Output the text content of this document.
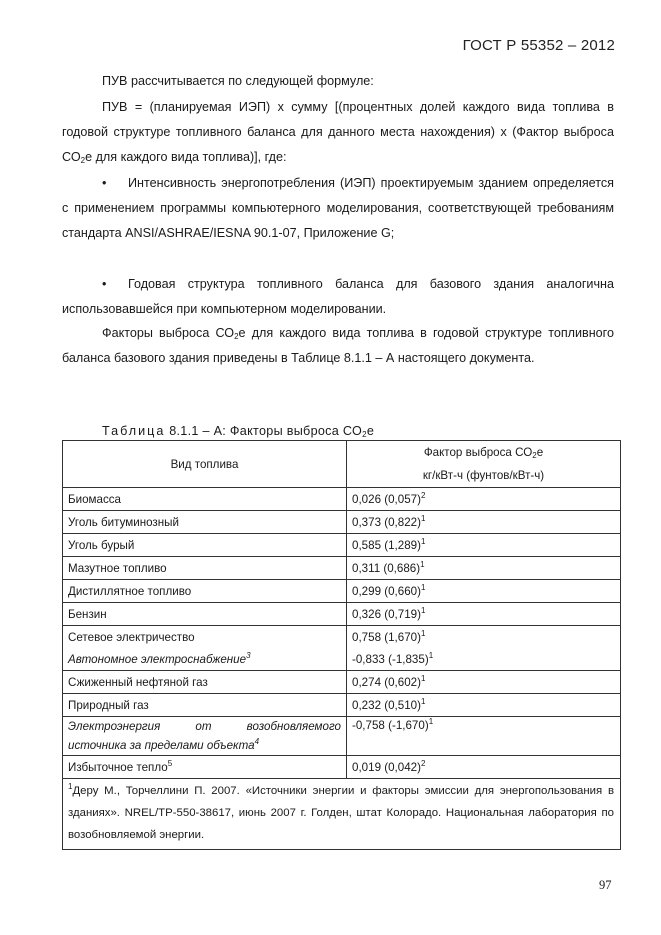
ГОСТ Р 55352 – 2012
ПУВ рассчитывается по следующей формуле:
ПУВ = (планируемая ИЭП) х сумму [(процентных долей каждого вида топлива в годовой структуре топливного баланса для данного места нахождения) х (Фактор выброса $СО_2е$ для каждого вида топлива)], где:
• Интенсивность энергопотребления (ИЭП) проектируемым зданием определяется с применением программы компьютерного моделирования, соответствующей требованиям стандарта ANSI/ASHRAE/IESNA 90.1-07, Приложение G;
• Годовая структура топливного баланса для базового здания аналогична использовавшейся при компьютерном моделировании.
Факторы выброса $СО_2е$ для каждого вида топлива в годовой структуре топливного баланса базового здания приведены в Таблице 8.1.1 – А настоящего документа.
Таблица 8.1.1 – А: Факторы выброса $СО_2е$
Вид топлива	Фактор выброса $СО_2е$
кг/кВт-ч (фунтов/кВт-ч)
Биомасса	0,026 $(0,057)^2$
Уголь битуминозный	0,373 $(0,822)^1$
Уголь бурый	0,585 $(1,289)^1$
Мазутное топливо	0,311 $(0,686)^1$
Дистиллятное топливо	0,299 $(0,660)^1$
Бензин	0,326 $(0,719)^1$
Сетевое электричество	0,758 $(1,670)^1$
Автономное электроснабжение$^3$	-0,833 $(-1,835)^1$
Сжиженный нефтяной газ	0,274 $(0,602)^1$
Природный газ	0,232 $(0,510)^1$

Электроэнергия от возобновляемого
источника за пределами объекта$^4$	-0,758 $(-1,670)^1$
Избыточное тепло$^5$	0,019 $(0,042)^2$
$^1$Деру М., Торчеллини П. 2007. «Источники энергии и факторы эмиссии для энергопользования в зданиях». NREL/TP-550-38617, июнь 2007 г. Голден, штат Колорадо. Национальная лаборатория по возобновляемой энергии.	
97
